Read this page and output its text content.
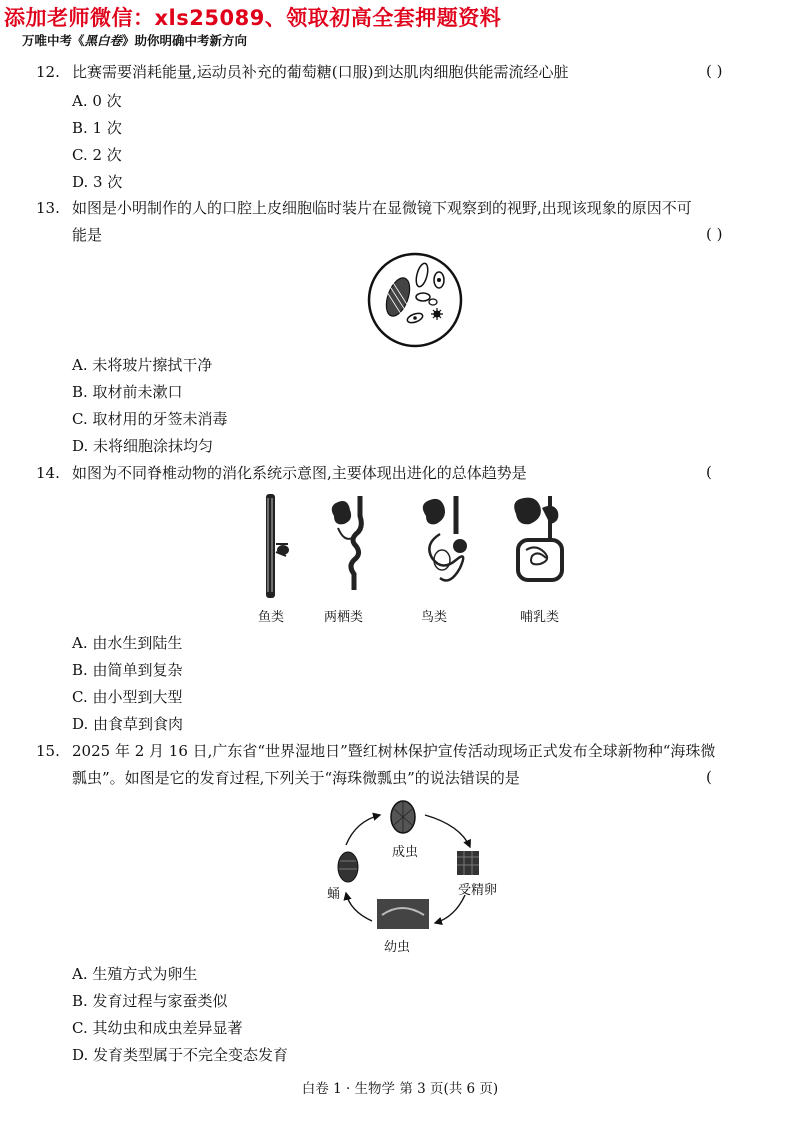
添加老师微信：xls25089、领取初高全套押题资料
万唯中考《黑白卷》助你明确中考新方向
12. 比赛需要消耗能量,运动员补充的葡萄糖(口服)到达肌肉细胞供能需流经心脏	( )
A. 0 次
B. 1 次
C. 2 次
D. 3 次
13. 如图是小明制作的人的口腔上皮细胞临时装片在显微镜下观察到的视野,出现该现象的原因不可
能是	( )
A. 未将玻片擦拭干净
B. 取材前未漱口
C. 取材用的牙签未消毒
D. 未将细胞涂抹均匀
14. 如图为不同脊椎动物的消化系统示意图,主要体现出进化的总体趋势是	(
鱼类	两栖类	鸟类	哺乳类
A. 由水生到陆生
B. 由简单到复杂
C. 由小型到大型
D. 由食草到食肉
15. 2025 年 2 月 16 日,广东省“世界湿地日”暨红树林保护宣传活动现场正式发布全球新物种“海珠微
瓢虫”。如图是它的发育过程,下列关于“海珠微瓢虫”的说法错误的是	(
成虫
受精卵
幼虫
蛹
A. 生殖方式为卵生
B. 发育过程与家蚕类似
C. 其幼虫和成虫差异显著
D. 发育类型属于不完全变态发育
白卷 1 · 生物学 第 3 页(共 6 页)
